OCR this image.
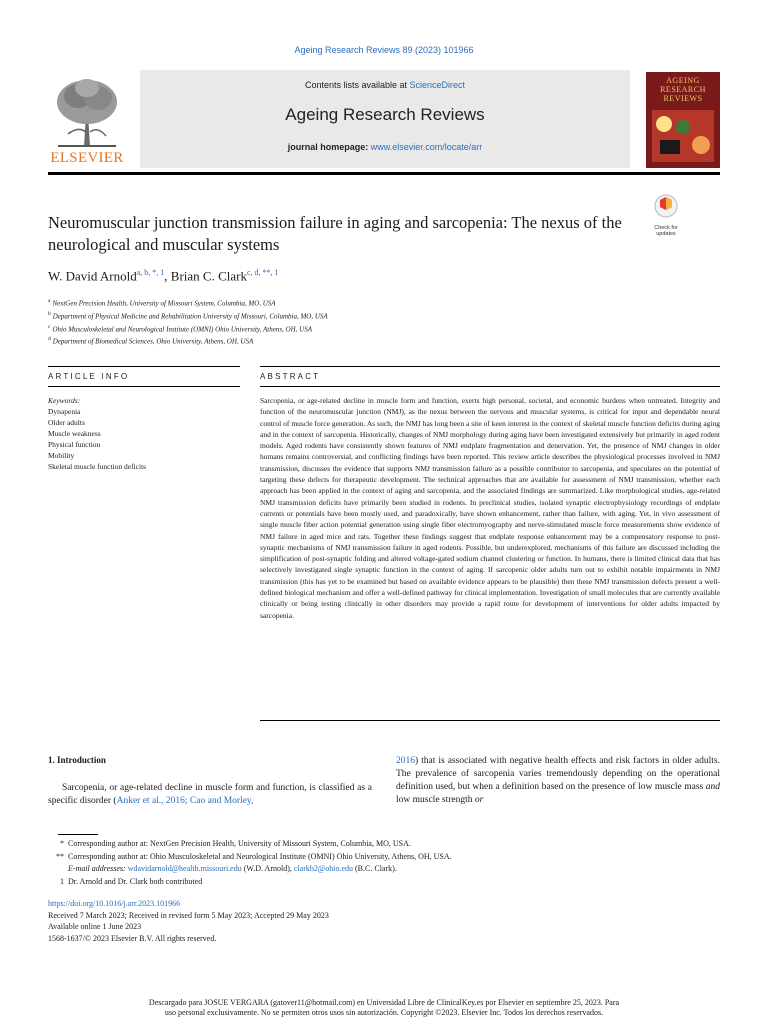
Ageing Research Reviews 89 (2023) 101966
ELSEVIER
Contents lists available at ScienceDirect
Ageing Research Reviews
journal homepage: www.elsevier.com/locate/arr
AGEING RESEARCH REVIEWS
Neuromuscular junction transmission failure in aging and sarcopenia: The nexus of the neurological and muscular systems
Check for
updates
W. David Arnold$^{a, b, *, 1}$, Brian C. Clark$^{c, d, **, 1}$
$^a$ NextGen Precision Health, University of Missouri System, Columbia, MO, USA
$^b$ Department of Physical Medicine and Rehabilitation University of Missouri, Columbia, MO, USA
$^c$ Ohio Musculoskeletal and Neurological Institute (OMNI) Ohio University, Athens, OH, USA
$^d$ Department of Biomedical Sciences, Ohio University, Athens, OH, USA
ARTICLE INFO	ABSTRACT
Keywords:
Dynapenia
Older adults
Muscle weakness
Physical function
Mobility
Skeletal muscle function deficits
Sarcopenia, or age-related decline in muscle form and function, exerts high personal, societal, and economic burdens when untreated. Integrity and function of the neuromuscular junction (NMJ), as the nexus between the nervous and muscular systems, is critical for input and dependable neural control of muscle force generation. As such, the NMJ has long been a site of keen interest in the context of skeletal muscle function deficits during aging and in the context of sarcopenia. Historically, changes of NMJ morphology during aging have been investigated extensively but primarily in aged rodent models. Aged rodents have consistently shown features of NMJ endplate fragmentation and denervation. Yet, the presence of NMJ changes in older humans remains controversial, and conflicting findings have been reported. This review article describes the physiological processes involved in NMJ transmission, discusses the evidence that supports NMJ transmission failure as a possible contributor to sarcopenia, and speculates on the potential of targeting these defects for therapeutic development. The technical approaches that are available for assessment of NMJ transmission, whether each approach has been applied in the context of aging and sarcopenia, and the associated findings are summarized. Like morphological studies, age-related NMJ transmission deficits have primarily been studied in rodents. In preclinical studies, isolated synaptic electrophysiology recordings of endplate currents or potentials have been mostly used, and paradoxically, have shown enhancement, rather than failure, with aging. Yet, in vivo assessment of single muscle fiber action potential generation using single fiber electromyography and nerve-stimulated muscle force measurements show evidence of NMJ failure in aged mice and rats. Together these findings suggest that endplate response enhancement may be a compensatory response to post-synaptic mechanisms of NMJ transmission failure in aged rodents. Possible, but underexplored, mechanisms of this failure are discussed including the simplification of post-synaptic folding and altered voltage-gated sodium channel clustering or function. In humans, there is limited clinical data that has selectively investigated single synaptic function in the context of aging. If sarcopenic older adults turn out to exhibit notable impairments in NMJ transmission (this has yet to be examined but based on available evidence appears to be plausible) then these NMJ transmission defects present a well-defined biological mechanism and offer a well-defined pathway for clinical implementation. Investigation of small molecules that are currently available clinically or being testing clinically in other disorders may provide a rapid route for development of interventions for older adults impacted by sarcopenia.
1. Introduction
Sarcopenia, or age-related decline in muscle form and function, is classified as a specific disorder (Anker et al., 2016; Cao and Morley,
2016) that is associated with negative health effects and risk factors in older adults. The prevalence of sarcopenia varies tremendously depending on the operational definition used, but when a definition based on the presence of low muscle mass and low muscle strength or
* Corresponding author at: NextGen Precision Health, University of Missouri System, Columbia, MO, USA.
** Corresponding author at: Ohio Musculoskeletal and Neurological Institute (OMNI) Ohio University, Athens, OH, USA.
E-mail addresses: wdavidarnold@health.missouri.edu (W.D. Arnold), clarkb2@ohio.edu (B.C. Clark).
1 Dr. Arnold and Dr. Clark both contributed
https://doi.org/10.1016/j.arr.2023.101966
Received 7 March 2023; Received in revised form 5 May 2023; Accepted 29 May 2023
Available online 1 June 2023
1568-1637/© 2023 Elsevier B.V. All rights reserved.
Descargado para JOSUE VERGARA (gatover11@hotmail.com) en Universidad Libre de ClinicalKey.es por Elsevier en septiembre 25, 2023. Para
uso personal exclusivamente. No se permiten otros usos sin autorización. Copyright ©2023. Elsevier Inc. Todos los derechos reservados.
